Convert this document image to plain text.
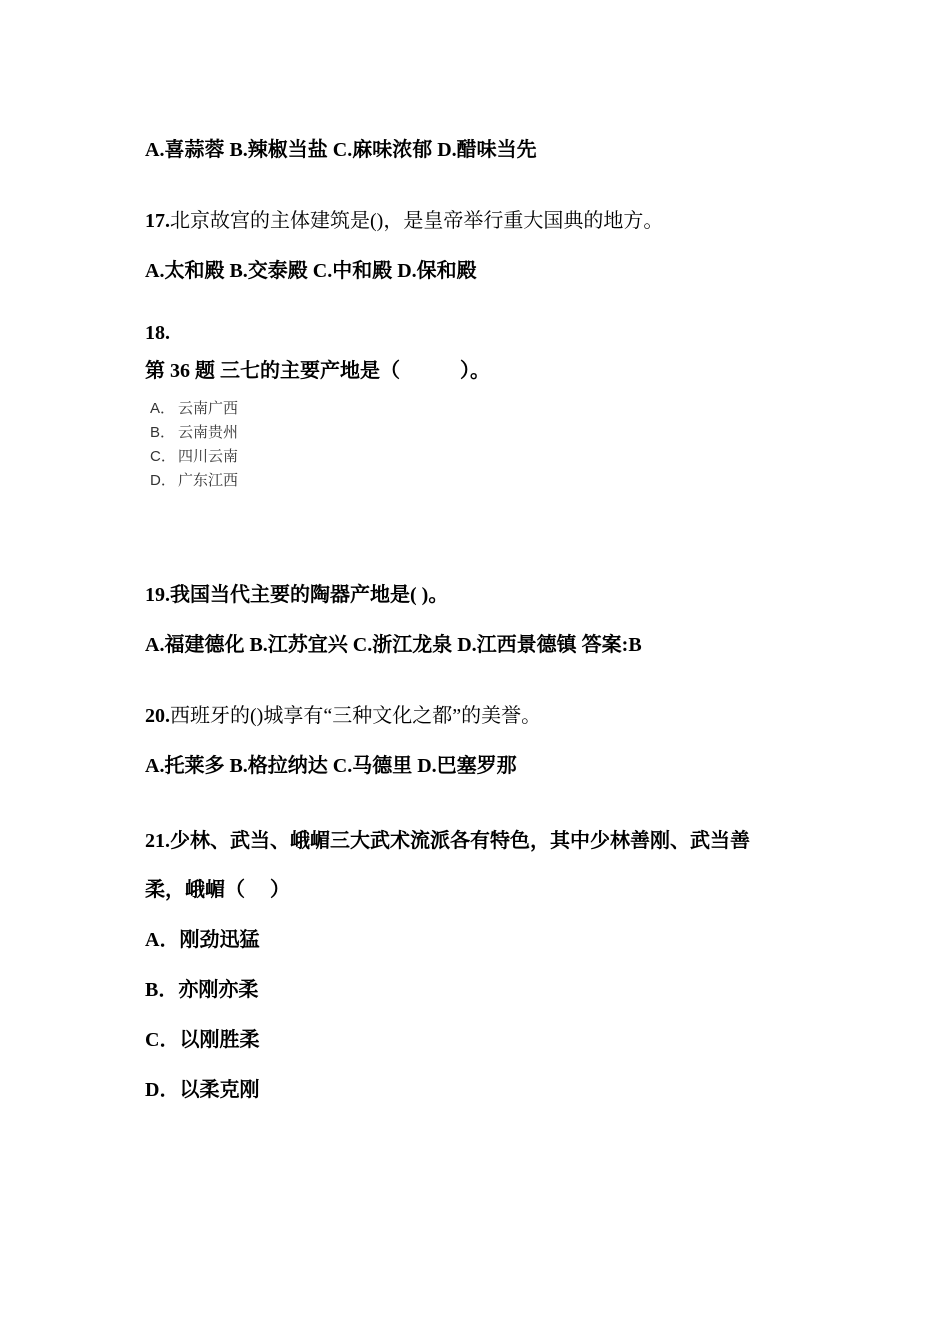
A.喜蒜蓉 B.辣椒当盐 C.麻味浓郁 D.醋味当先
17.北京故宫的主体建筑是()，是皇帝举行重大国典的地方。
A.太和殿 B.交泰殿 C.中和殿 D.保和殿
18.
第 36 题 三七的主要产地是（　　　）。
A． 云南广西
B． 云南贵州
C． 四川云南
D． 广东江西
19.我国当代主要的陶器产地是( )。
A.福建德化 B.江苏宜兴 C.浙江龙泉 D.江西景德镇 答案:B
20.西班牙的()城享有“三种文化之都”的美誉。
A.托莱多 B.格拉纳达 C.马德里 D.巴塞罗那
21.少林、武当、峨嵋三大武术流派各有特色，其中少林善刚、武当善
柔，峨嵋（　 ）
A．刚劲迅猛
B．亦刚亦柔
C．以刚胜柔
D．以柔克刚
